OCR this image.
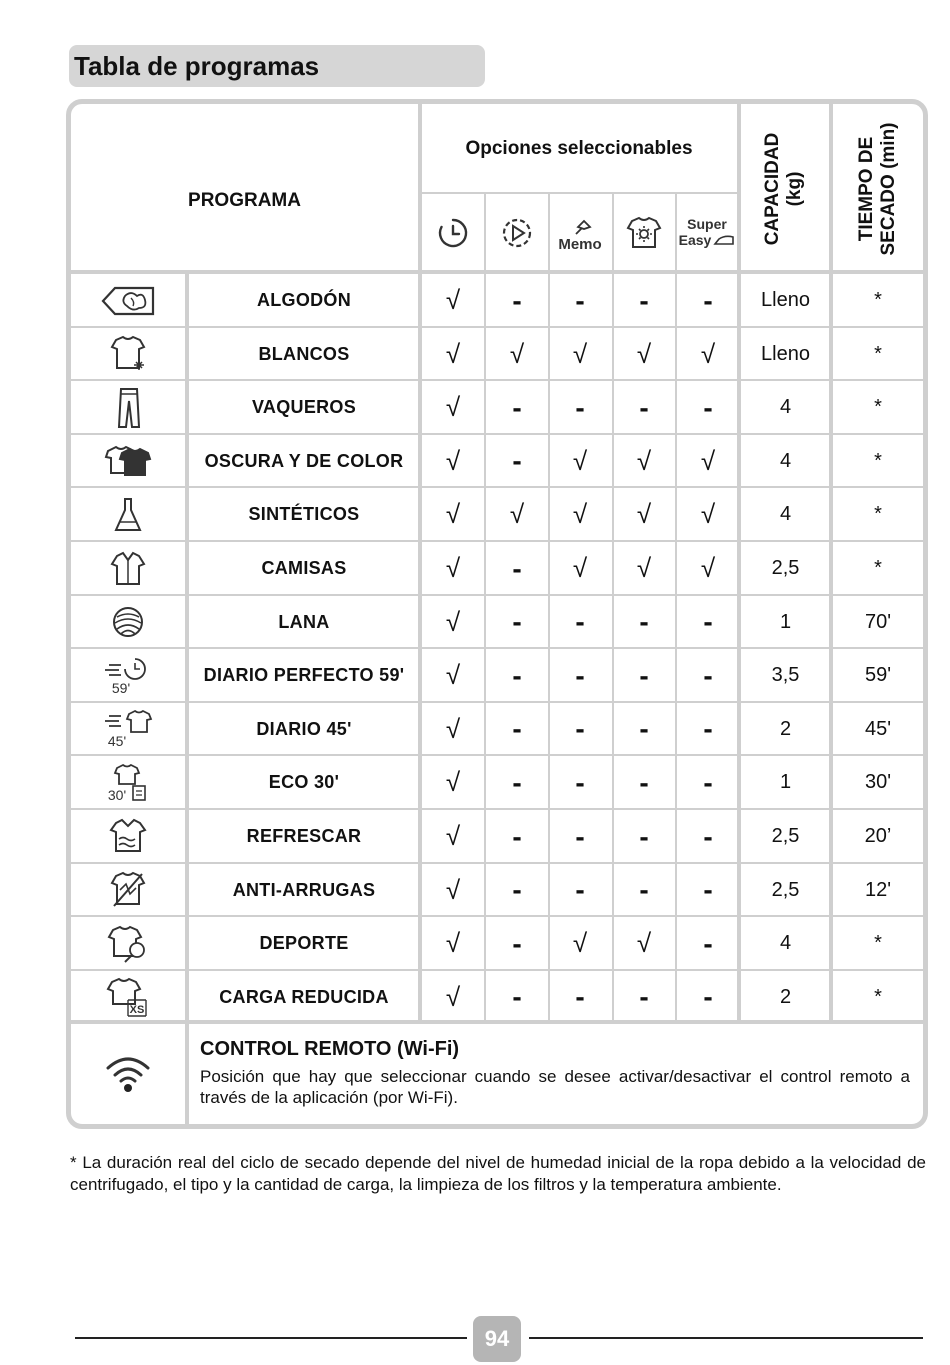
Tabla de programas
PROGRAMA
Opciones seleccionables	CAPACIDAD (kg)	TIEMPO DE SECADO (min)
Memo
Super
Easy
ALGODÓN	√	-	-	-	-	Lleno	*
BLANCOS	√	√	√	√	√	Lleno	*
VAQUEROS	√	-	-	-	-	4	*
OSCURA Y DE COLOR	√	-	√	√	√	4	*
SINTÉTICOS	√	√	√	√	√	4	*
CAMISAS	√	-	√	√	√	2,5	*
LANA	√	-	-	-	-	1	70'
59'
DIARIO PERFECTO 59'	√	-	-	-	-	3,5	59'
45'
DIARIO 45'	√	-	-	-	-	2	45'
30'
ECO 30'	√	-	-	-	-	1	30'
REFRESCAR	√	-	-	-	-	2,5	20’
ANTI-ARRUGAS	√	-	-	-	-	2,5	12'
DEPORTE	√	-	√	√	-	4	*
XS
CARGA REDUCIDA	√	-	-	-	-	2	*
CONTROL REMOTO (Wi-Fi)
Posición que hay que seleccionar cuando se desee activar/desactivar el control remoto a través de la aplicación (por Wi-Fi).
* La duración real del ciclo de secado depende del nivel de humedad inicial de la ropa debido a la velocidad de centrifugado, el tipo y la cantidad de carga, la limpieza de los filtros y la temperatura ambiente.
94
